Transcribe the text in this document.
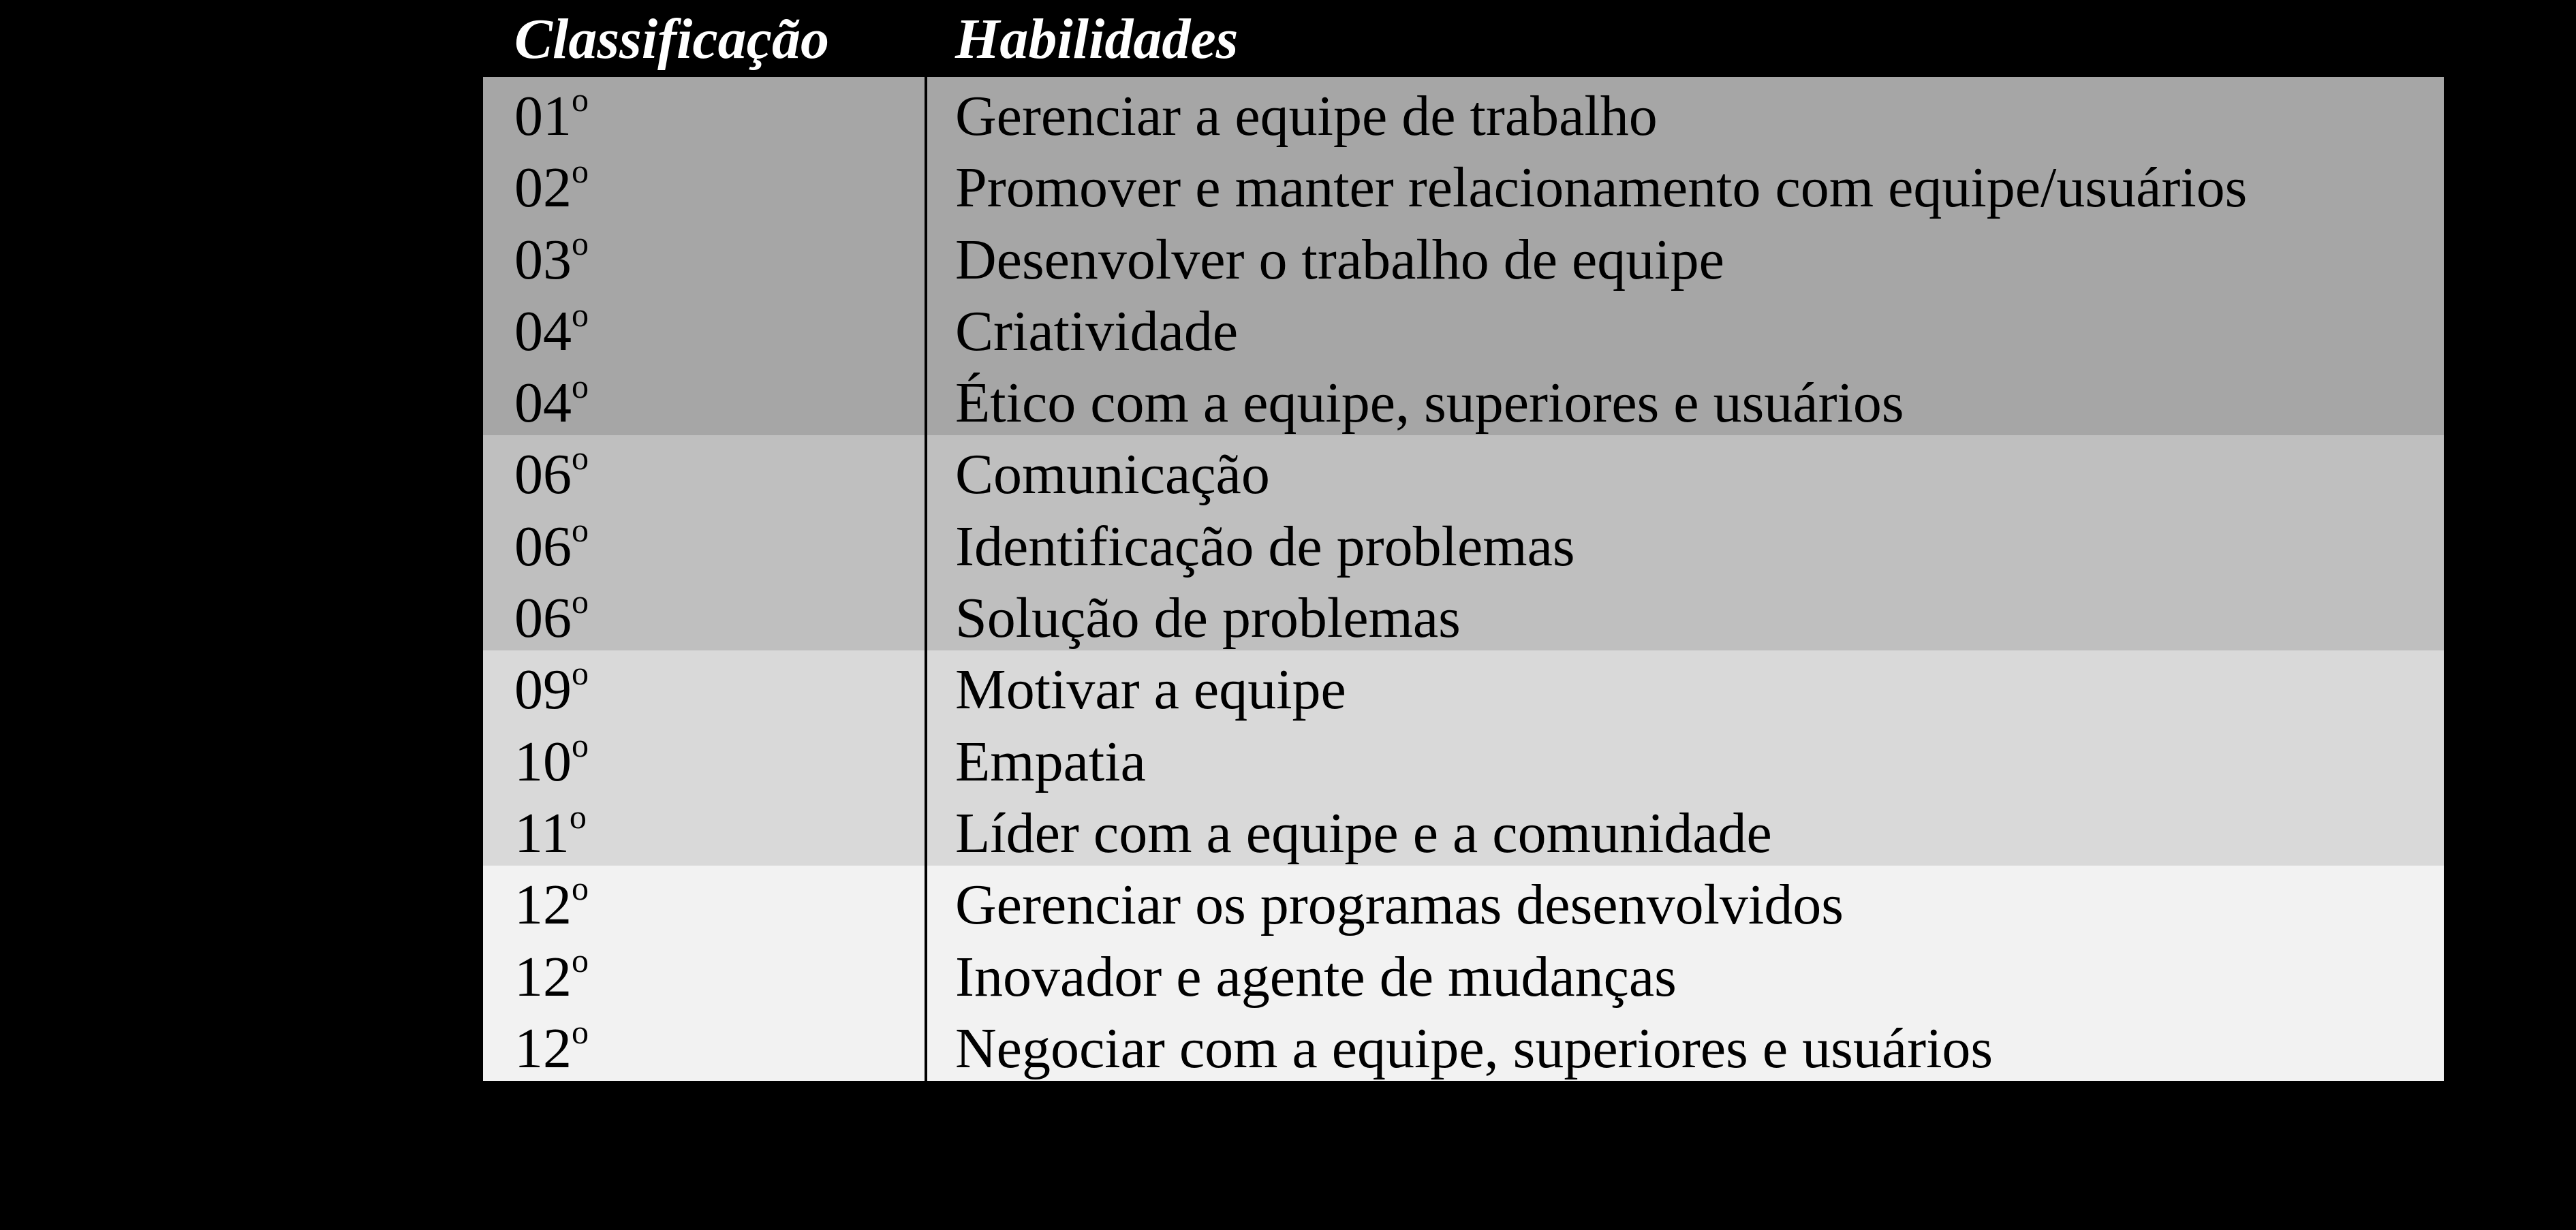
Classificação Habilidades
01$^o$	Gerenciar a equipe de trabalho
02$^o$	Promover e manter relacionamento com equipe/usuários
03$^o$	Desenvolver o trabalho de equipe
04$^o$	Criatividade
04$^o$	Ético com a equipe, superiores e usuários
06$^o$	Comunicação
06$^o$	Identificação de problemas
06$^o$	Solução de problemas
09$^o$	Motivar a equipe
10$^o$	Empatia
11$^o$	Líder com a equipe e a comunidade
12$^o$	Gerenciar os programas desenvolvidos
12$^o$	Inovador e agente de mudanças
12$^o$	Negociar com a equipe, superiores e usuários
